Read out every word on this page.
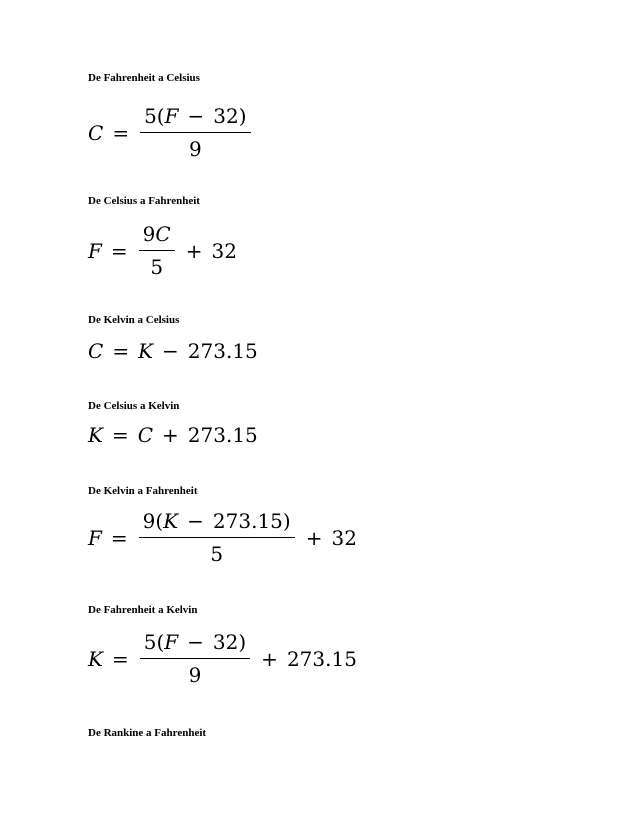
De Fahrenheit a Celsius
$C = \frac{5(F - 32)}{9}$
De Celsius a Fahrenheit
$F = \frac{9C}{5} + 32$
De Kelvin a Celsius
C = K − 273.15
De Celsius a Kelvin
K = C + 273.15
De Kelvin a Fahrenheit
$F = \frac{9(K - 273.15)}{5} + 32$
De Fahrenheit a Kelvin
$K = \frac{5(F - 32)}{9} + 273.15$
De Rankine a Fahrenheit
